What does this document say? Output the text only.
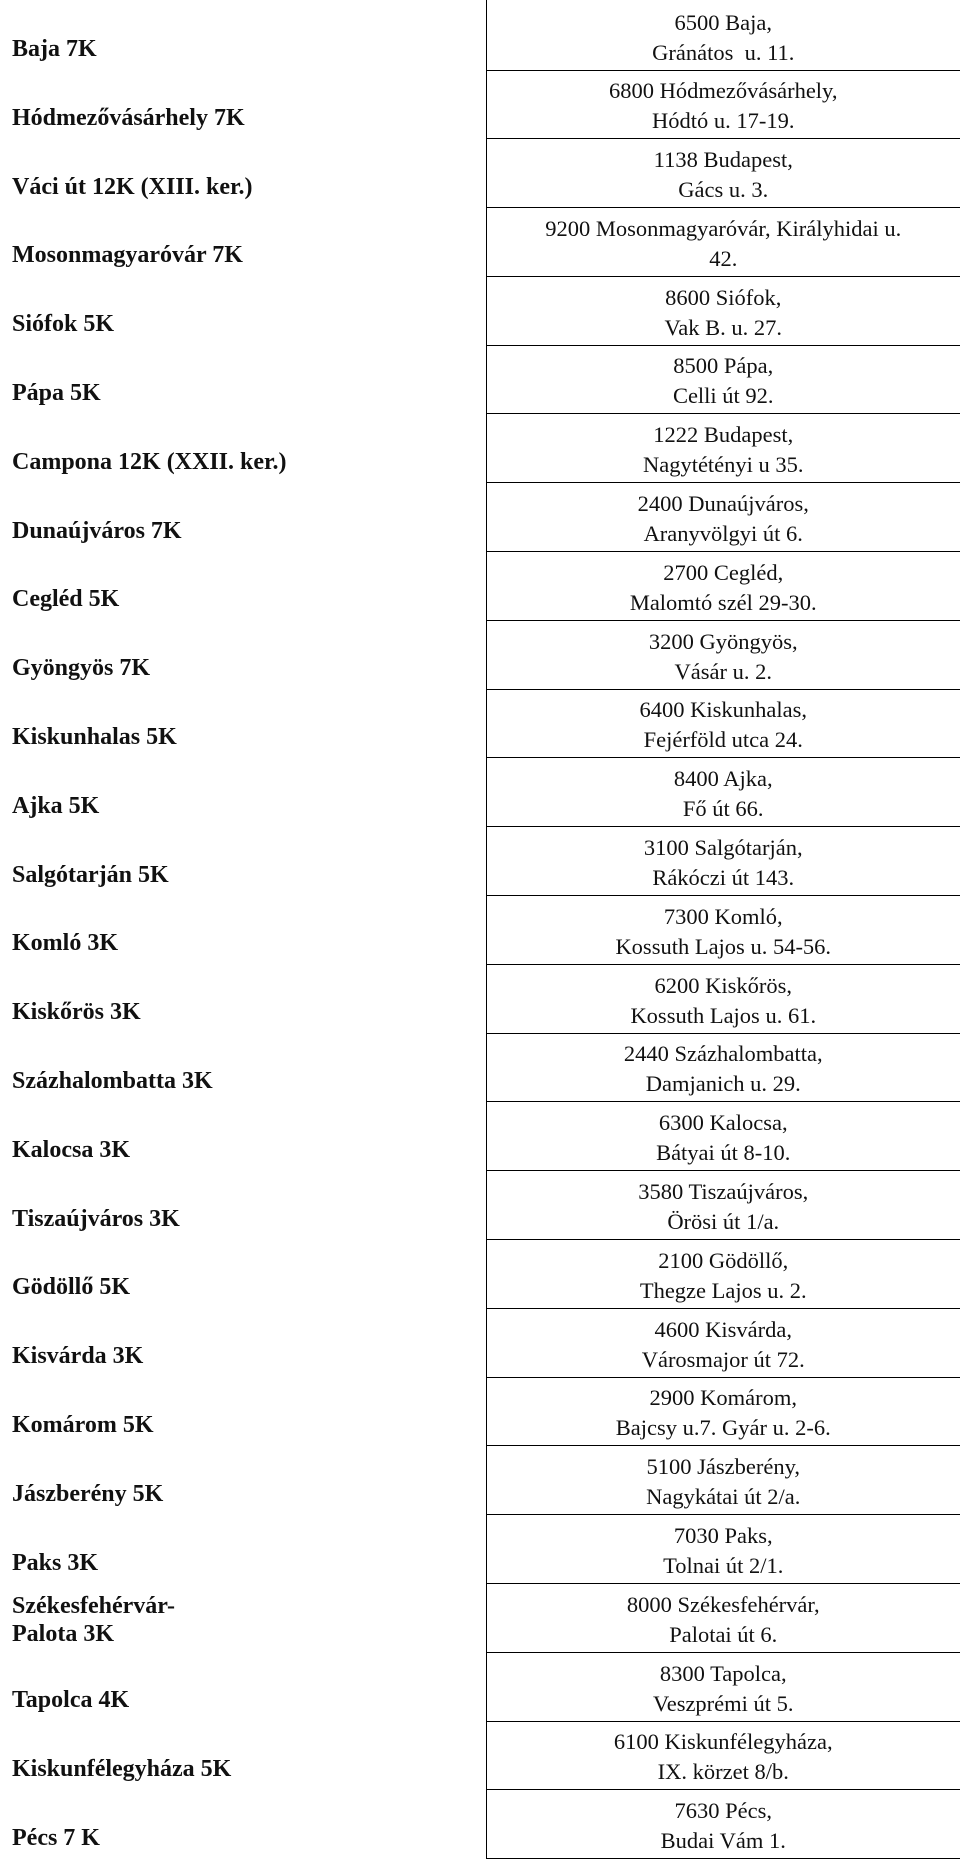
Baja 7K	6500 Baja,
Gránátos  u. 11.

Hódmezővásárhely 7K	6800 Hódmezővásárhely,
Hódtó u. 17-19.

Váci út 12K (XIII. ker.)	1138 Budapest,
Gács u. 3.

Mosonmagyaróvár 7K	9200 Mosonmagyaróvár, Királyhidai u.
42.

Siófok 5K	8600 Siófok,
Vak B. u. 27.

Pápa 5K	8500 Pápa,
Celli út 92.

Campona 12K (XXII. ker.)	1222 Budapest,
Nagytétényi u 35.

Dunaújváros 7K	2400 Dunaújváros,
Aranyvölgyi út 6.

Cegléd 5K	2700 Cegléd,
Malomtó szél 29-30.

Gyöngyös 7K	3200 Gyöngyös,
Vásár u. 2.

Kiskunhalas 5K	6400 Kiskunhalas,
Fejérföld utca 24.

Ajka 5K	8400 Ajka,
Fő út 66.

Salgótarján 5K	3100 Salgótarján,
Rákóczi út 143.

Komló 3K	7300 Komló,
Kossuth Lajos u. 54-56.

Kiskőrös 3K	6200 Kiskőrös,
Kossuth Lajos u. 61.

Százhalombatta 3K	2440 Százhalombatta,
Damjanich u. 29.

Kalocsa 3K	6300 Kalocsa,
Bátyai út 8-10.

Tiszaújváros 3K	3580 Tiszaújváros,
Örösi út 1/a.

Gödöllő 5K	2100 Gödöllő,
Thegze Lajos u. 2.

Kisvárda 3K	4600 Kisvárda,
Városmajor út 72.

Komárom 5K	2900 Komárom,
Bajcsy u.7. Gyár u. 2-6.

Jászberény 5K	5100 Jászberény,
Nagykátai út 2/a.

Paks 3K	7030 Paks,
Tolnai út 2/1.

Székesfehérvár-
Palota 3K	8000 Székesfehérvár,
Palotai út 6.

Tapolca 4K	8300 Tapolca,
Veszprémi út 5.

Kiskunfélegyháza 5K	6100 Kiskunfélegyháza,
IX. körzet 8/b.

Pécs 7 K	7630 Pécs,
Budai Vám 1.
